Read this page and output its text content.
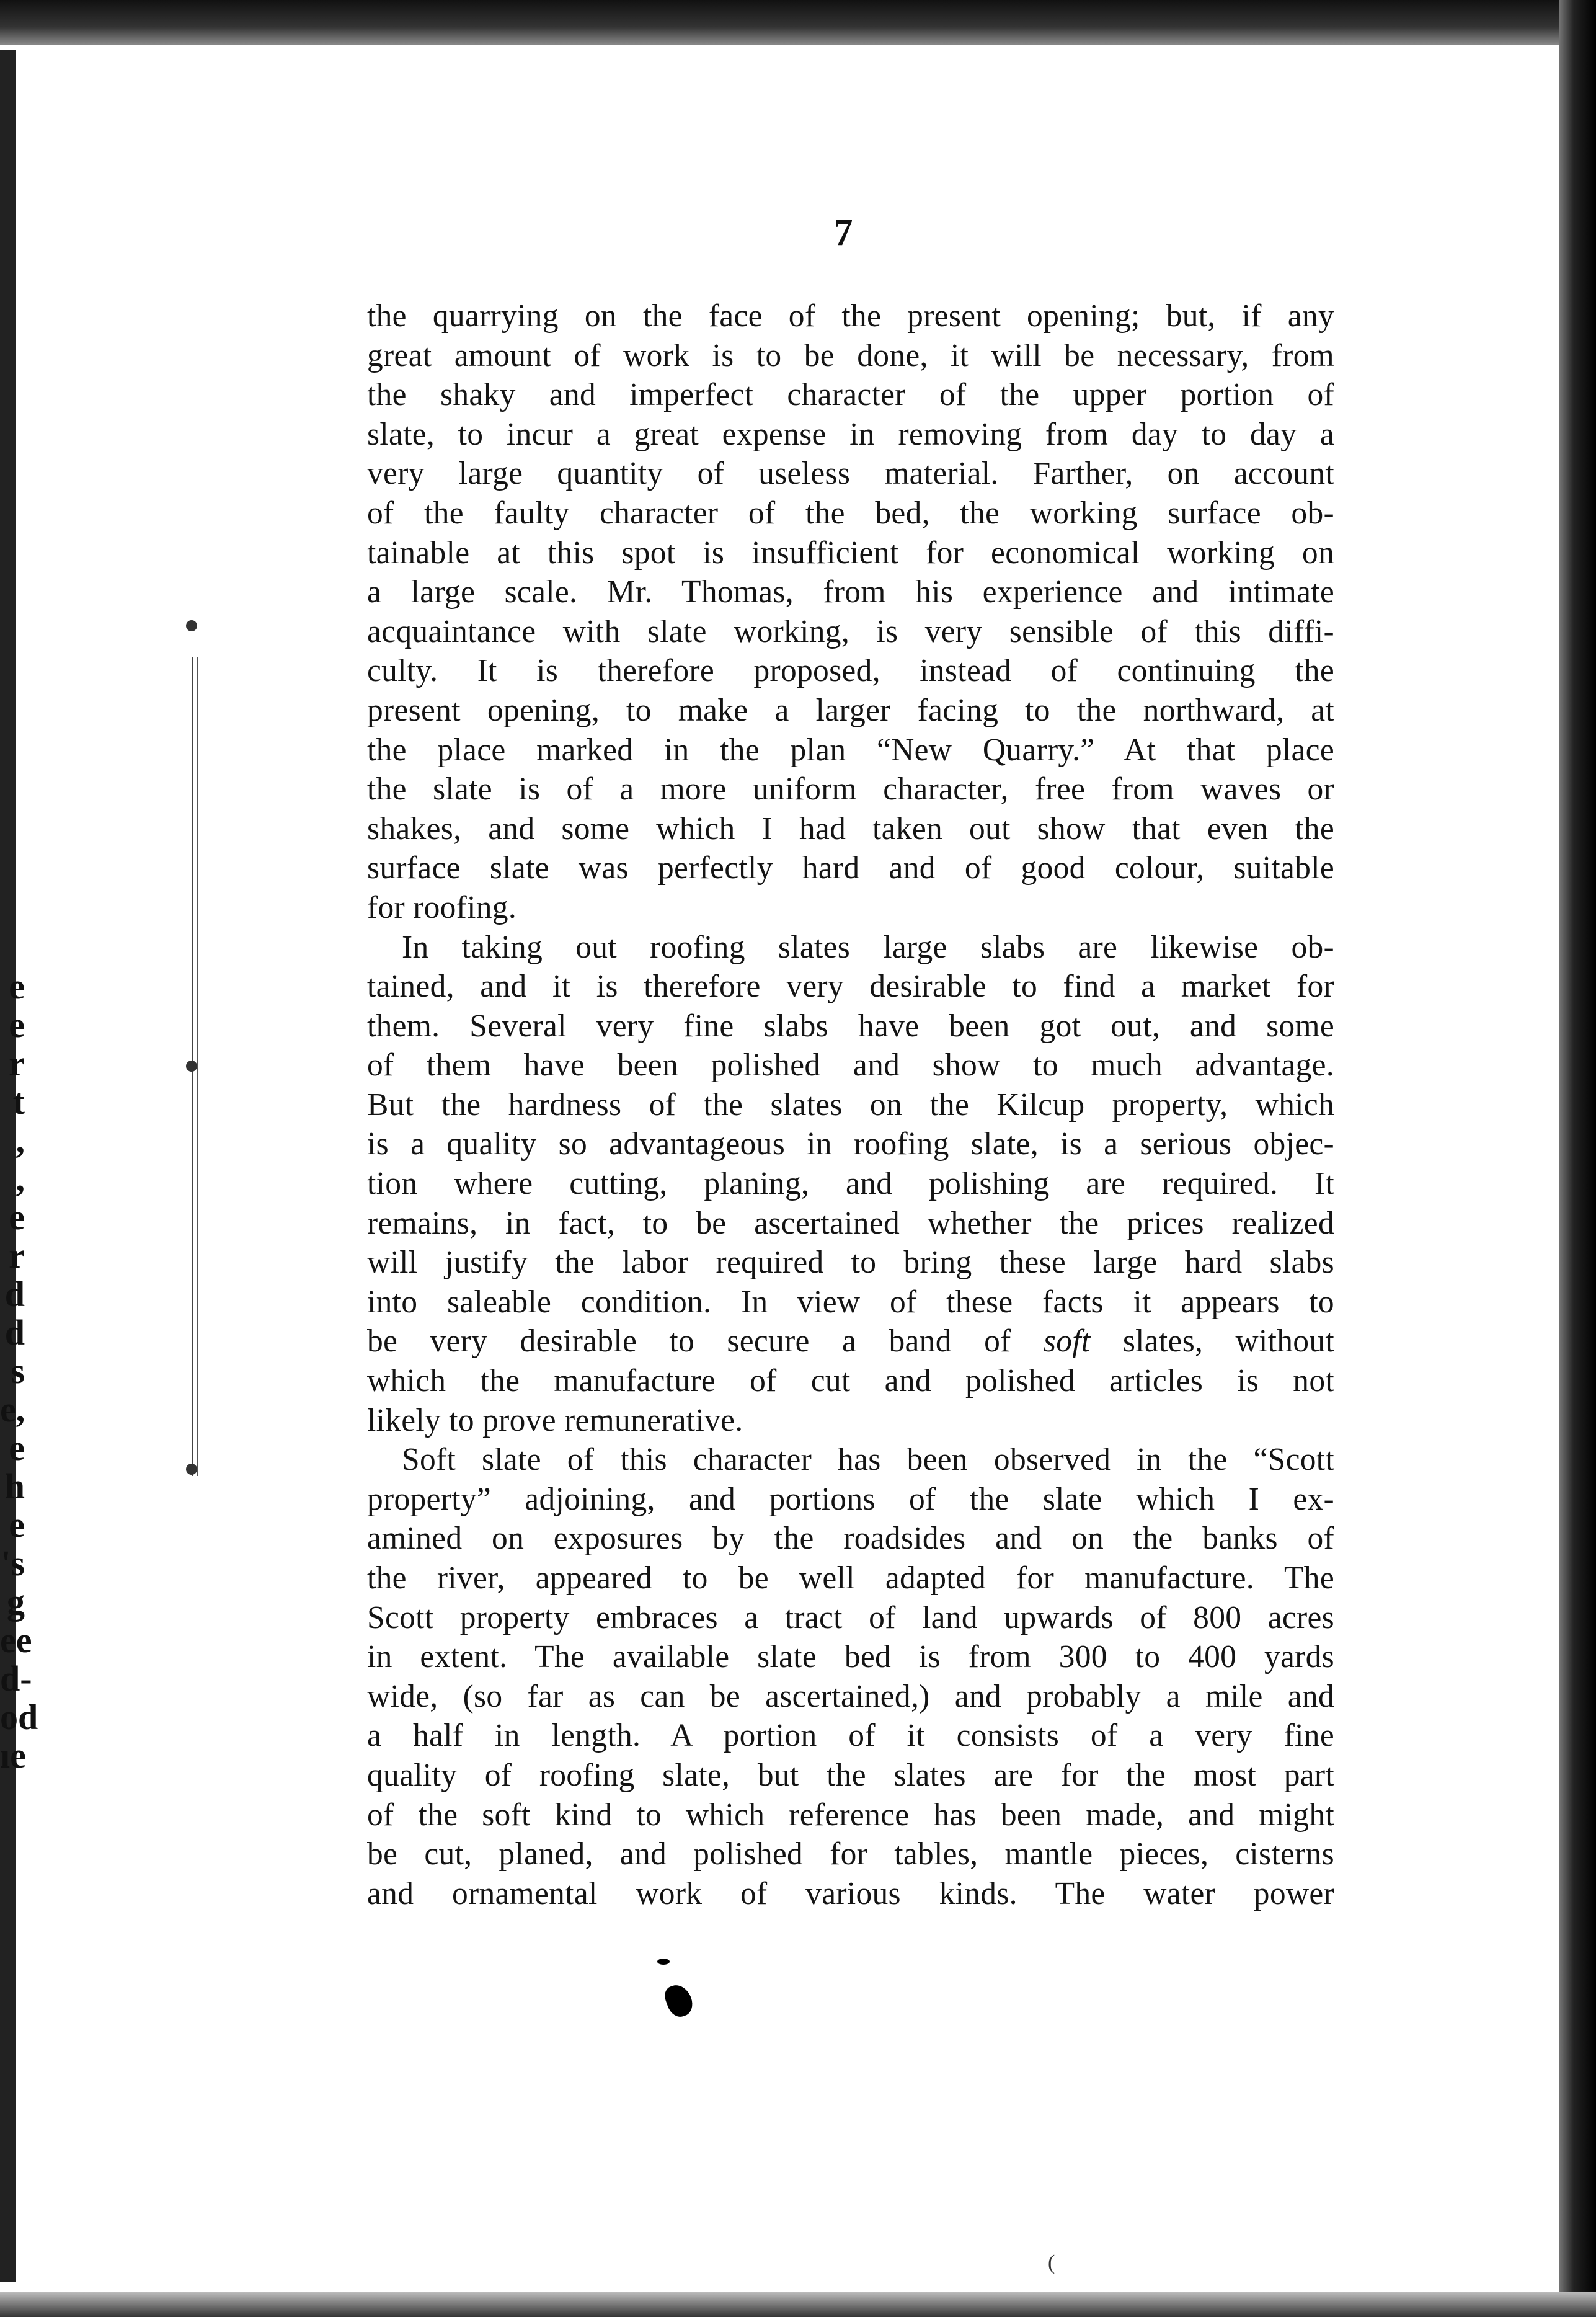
e
e
r
t
,
,
e
r
d
d
s
e,
e
h
e
's
g
ee
d-
od
ıe
7
the quarrying on the face of the present opening; but, if any
great amount of work is to be done, it will be necessary, from
the shaky and imperfect character of the upper portion of
slate, to incur a great expense in removing from day to day a
very large quantity of useless material. Farther, on account
of the faulty character of the bed, the working surface ob-
tainable at this spot is insufficient for economical working on
a large scale. Mr. Thomas, from his experience and intimate
acquaintance with slate working, is very sensible of this diffi-
culty. It is therefore proposed, instead of continuing the
present opening, to make a larger facing to the northward, at
the place marked in the plan “New Quarry.” At that place
the slate is of a more uniform character, free from waves or
shakes, and some which I had taken out show that even the
surface slate was perfectly hard and of good colour, suitable
for roofing.
In taking out roofing slates large slabs are likewise ob-
tained, and it is therefore very desirable to find a market for
them. Several very fine slabs have been got out, and some
of them have been polished and show to much advantage.
But the hardness of the slates on the Kilcup property, which
is a quality so advantageous in roofing slate, is a serious objec-
tion where cutting, planing, and polishing are required. It
remains, in fact, to be ascertained whether the prices realized
will justify the labor required to bring these large hard slabs
into saleable condition. In view of these facts it appears to
be very desirable to secure a band of soft slates, without
which the manufacture of cut and polished articles is not
likely to prove remunerative.
Soft slate of this character has been observed in the “Scott
property” adjoining, and portions of the slate which I ex-
amined on exposures by the roadsides and on the banks of
the river, appeared to be well adapted for manufacture. The
Scott property embraces a tract of land upwards of 800 acres
in extent. The available slate bed is from 300 to 400 yards
wide, (so far as can be ascertained,) and probably a mile and
a half in length. A portion of it consists of a very fine
quality of roofing slate, but the slates are for the most part
of the soft kind to which reference has been made, and might
be cut, planed, and polished for tables, mantle pieces, cisterns
and ornamental work of various kinds. The water power
(
